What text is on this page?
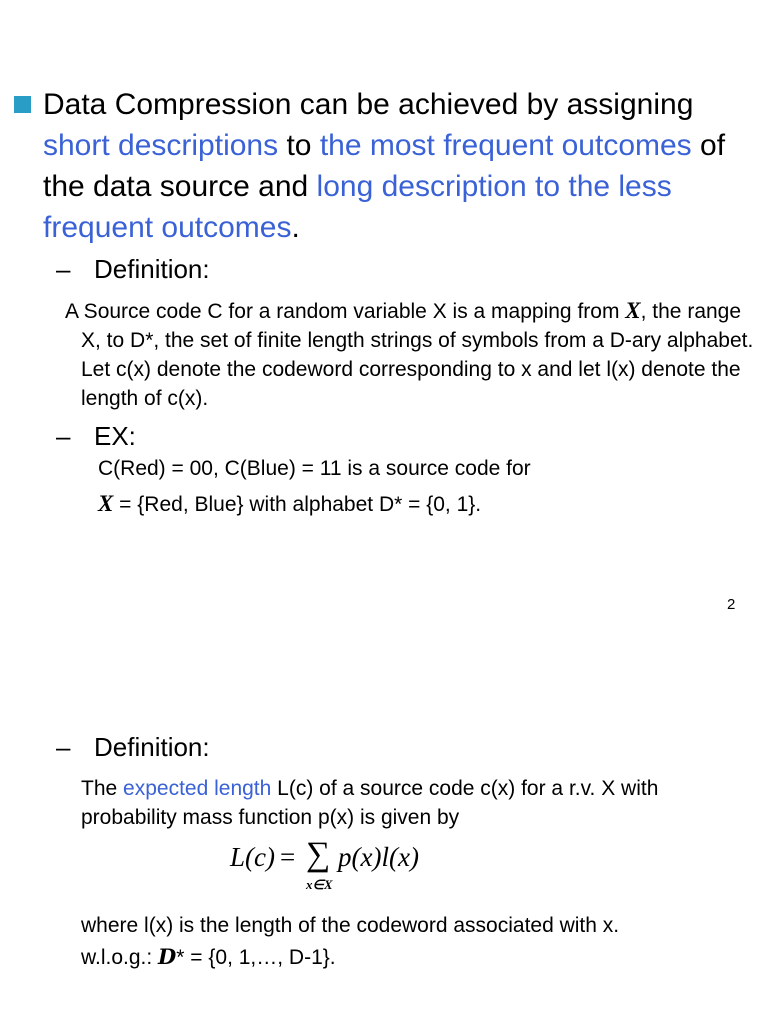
Data Compression can be achieved by assigning short descriptions to the most frequent outcomes of the data source and long description to the less frequent outcomes.
– Definition:
A Source code C for a random variable X is a mapping from X, the range X, to D*, the set of finite length strings of symbols from a D-ary alphabet. Let c(x) denote the codeword corresponding to x and let l(x) denote the length of c(x).
– EX:
C(Red) = 00, C(Blue) = 11 is a source code for
X = {Red, Blue} with alphabet D* = {0, 1}.
2
– Definition:
The expected length L(c) of a source code c(x) for a r.v. X with probability mass function p(x) is given by
L(c) = ∑
x∈X
p(x)l(x)
where l(x) is the length of the codeword associated with x.
w.l.o.g.: D* = {0, 1,…, D-1}.
